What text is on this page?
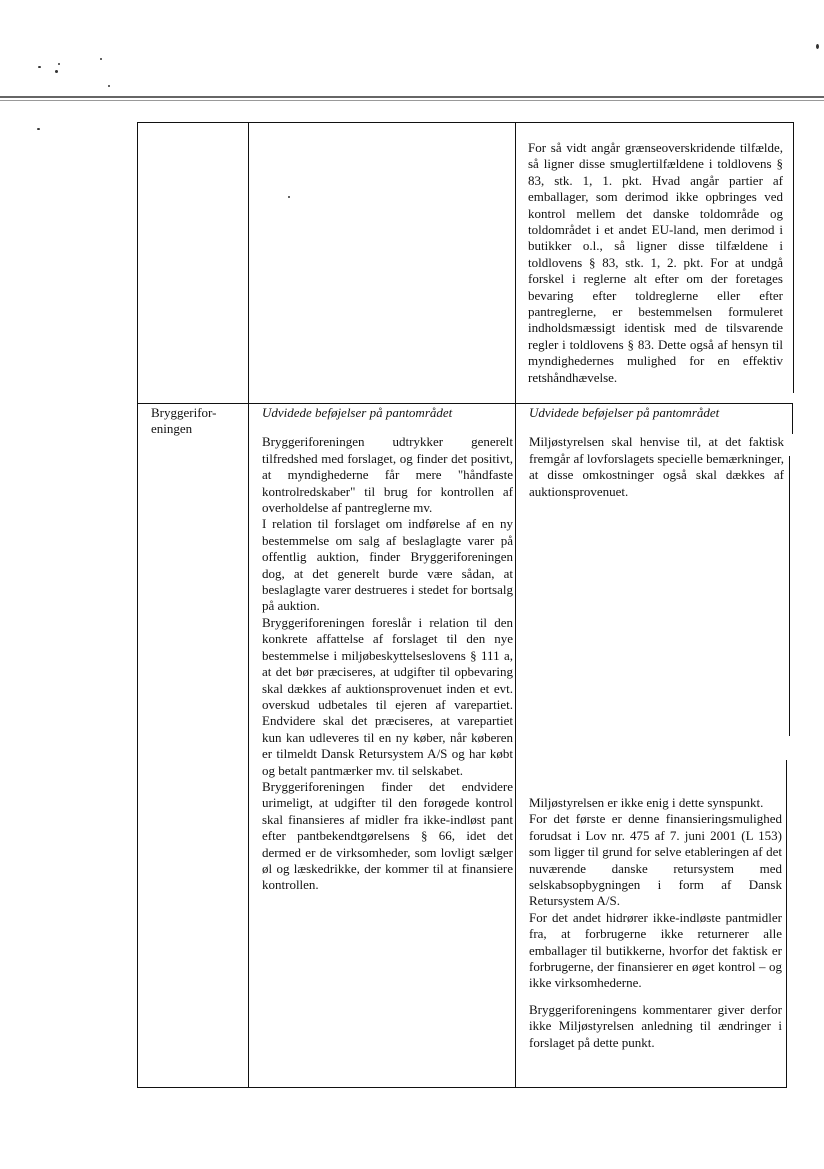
For så vidt angår grænseoverskridende tilfælde, så ligner disse smuglertilfældene i toldlovens § 83, stk. 1, 1. pkt. Hvad angår partier af emballager, som derimod ikke opbringes ved kontrol mellem det danske toldområde og toldområdet i et andet EU-land, men derimod i butikker o.l., så ligner disse tilfældene i toldlovens § 83, stk. 1, 2. pkt. For at undgå forskel i reglerne alt efter om der foretages bevaring efter toldreglerne eller efter pantreglerne, er bestemmelsen formuleret indholdsmæssigt identisk med de tilsvarende regler i toldlovens § 83. Dette også af hensyn til myndighedernes mulighed for en effektiv retshåndhævelse.

Bryggerifor-
eningen

Udvidede beføjelser på pantområdet

Bryggeriforeningen udtrykker generelt tilfredshed med forslaget, og finder det positivt, at myndighederne får mere "håndfaste kontrolredskaber" til brug for kontrollen af overholdelse af pantreglerne mv.

I relation til forslaget om indførelse af en ny bestemmelse om salg af beslaglagte varer på offentlig auktion, finder Bryggeriforeningen dog, at det generelt burde være sådan, at beslaglagte varer destrueres i stedet for bortsalg på auktion.

Bryggeriforeningen foreslår i relation til den konkrete affattelse af forslaget til den nye bestemmelse i miljøbeskyttelseslovens § 111 a, at det bør præciseres, at udgifter til opbevaring skal dækkes af auktionsprovenuet inden et evt. overskud udbetales til ejeren af varepartiet. Endvidere skal det præciseres, at varepartiet kun kan udleveres til en ny køber, når køberen er tilmeldt Dansk Retursystem A/S og har købt og betalt pantmærker mv. til selskabet.

Bryggeriforeningen finder det endvidere urimeligt, at udgifter til den forøgede kontrol skal finansieres af midler fra ikke-indløst pant efter pantbekendtgørelsens § 66, idet det dermed er de virksomheder, som lovligt sælger øl og læskedrikke, der kommer til at finansiere kontrollen.

Udvidede beføjelser på pantområdet

Miljøstyrelsen skal henvise til, at det faktisk fremgår af lovforslagets specielle bemærkninger, at disse omkostninger også skal dækkes af auktionsprovenuet.

Miljøstyrelsen er ikke enig i dette synspunkt.

For det første er denne finansieringsmulighed forudsat i Lov nr. 475 af 7. juni 2001 (L 153) som ligger til grund for selve etableringen af det nuværende danske retursystem med selskabsopbygningen i form af Dansk Retursystem A/S.

For det andet hidrører ikke-indløste pantmidler fra, at forbrugerne ikke returnerer alle emballager til butikkerne, hvorfor det faktisk er forbrugerne, der finansierer en øget kontrol – og ikke virksomhederne.

Bryggeriforeningens kommentarer giver derfor ikke Miljøstyrelsen anledning til ændringer i forslaget på dette punkt.
